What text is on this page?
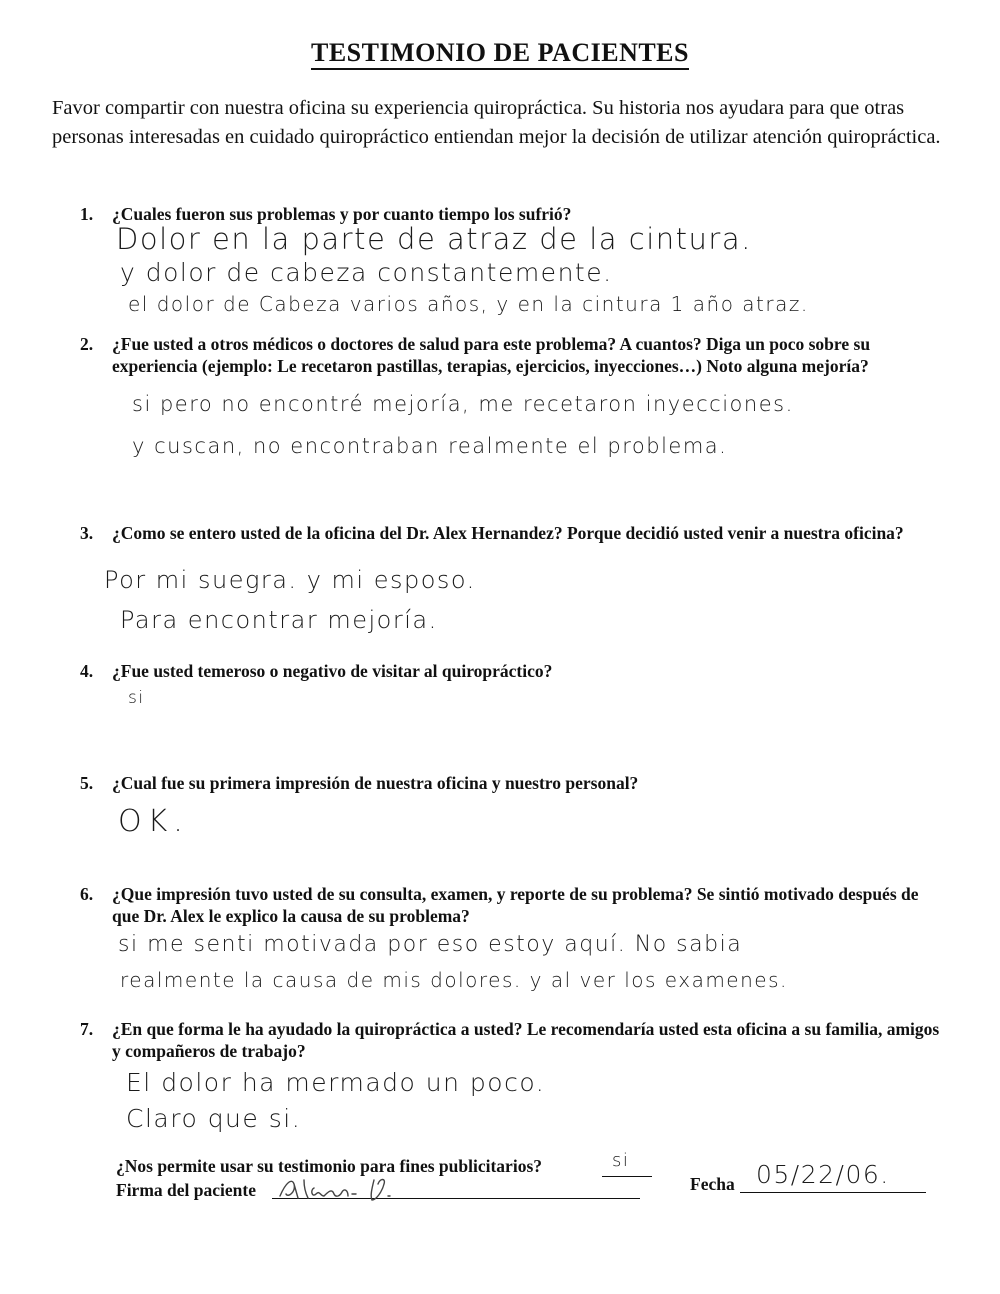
TESTIMONIO DE PACIENTES
Favor compartir con nuestra oficina su experiencia quiropráctica. Su historia nos ayudara para que otras personas interesadas en cuidado quiropráctico entiendan mejor la decisión de utilizar atención quiropráctica.
1. ¿Cuales fueron sus problemas y por cuanto tiempo los sufrió?
Dolor en la parte de atraz de la cintura.
y dolor de cabeza constantemente.
el dolor de Cabeza varios años, y en la cintura 1 año atraz.
2. ¿Fue usted a otros médicos o doctores de salud para este problema? A cuantos? Diga un poco sobre su experiencia (ejemplo: Le recetaron pastillas, terapias, ejercicios, inyecciones…) Noto alguna mejoría?
si pero no encontré mejoría, me recetaron inyecciones.
y cuscan, no encontraban realmente el problema.
3. ¿Como se entero usted de la oficina del Dr. Alex Hernandez? Porque decidió usted venir a nuestra oficina?
Por mi suegra. y mi esposo.
Para encontrar mejoría.
4. ¿Fue usted temeroso o negativo de visitar al quiropráctico?
si
5. ¿Cual fue su primera impresión de nuestra oficina y nuestro personal?
OK.
6. ¿Que impresión tuvo usted de su consulta, examen, y reporte de su problema? Se sintió motivado después de que Dr. Alex le explico la causa de su problema?
si me senti motivada por eso estoy aquí. No sabia
realmente la causa de mis dolores. y al ver los examenes.
7. ¿En que forma le ha ayudado la quiropráctica a usted? Le recomendaría usted esta oficina a su familia, amigos y compañeros de trabajo?
El dolor ha mermado un poco.
Claro que si.
¿Nos permite usar su testimonio para fines publicitarios?	si
Firma del paciente	Fecha 05/22/06.
